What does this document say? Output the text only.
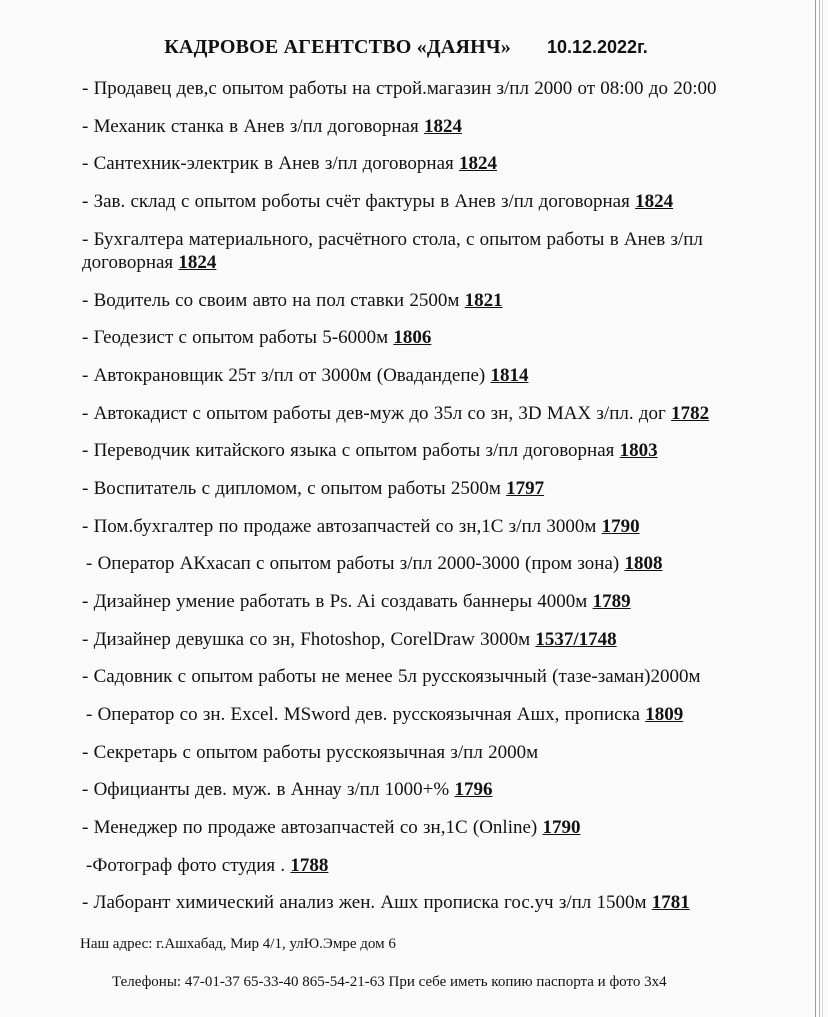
КАДРОВОЕ АГЕНТСТВО «ДАЯНЧ» 10.12.2022г.
- Продавец дев,с опытом работы на строй.магазин з/пл 2000 от 08:00 до 20:00
- Механик станка в Анев з/пл договорная 1824
- Сантехник-электрик в Анев з/пл договорная 1824
- Зав. склад с опытом роботы счёт фактуры в Анев з/пл договорная 1824
- Бухгалтера материального, расчётного стола, с опытом работы в Анев з/пл договорная 1824
- Водитель со своим авто на пол ставки 2500м 1821
- Геодезист с опытом работы 5-6000м 1806
- Автокрановщик 25т з/пл от 3000м (Овадандепе) 1814
- Автокадист с опытом работы дев-муж до 35л со зн, 3D MAX з/пл. дог 1782
- Переводчик китайского языка с опытом работы з/пл договорная 1803
- Воспитатель с дипломом, с опытом работы 2500м 1797
- Пом.бухгалтер по продаже автозапчастей со зн,1С з/пл 3000м 1790
- Оператор АКхасап с опытом работы з/пл 2000-3000 (пром зона) 1808
- Дизайнер умение работать в Ps. Ai создавать баннеры 4000м 1789
- Дизайнер девушка со зн, Fhotoshop, CorelDraw 3000м 1537/1748
- Садовник с опытом работы не менее 5л русскоязычный (тазе-заман)2000м
- Оператор со зн. Excel. MSword дев. русскоязычная Ашх, прописка 1809
- Секретарь с опытом работы русскоязычная з/пл 2000м
- Официанты дев. муж. в Аннау з/пл 1000+% 1796
- Менеджер по продаже автозапчастей со зн,1С (Online) 1790
-Фотограф фото студия . 1788
- Лаборант химический анализ жен. Ашх прописка гос.уч з/пл 1500м 1781

Наш адрес: г.Ашхабад, Мир 4/1, улЮ.Эмре дом 6

Телефоны: 47-01-37 65-33-40 865-54-21-63 При себе иметь копию паспорта и фото 3х4
